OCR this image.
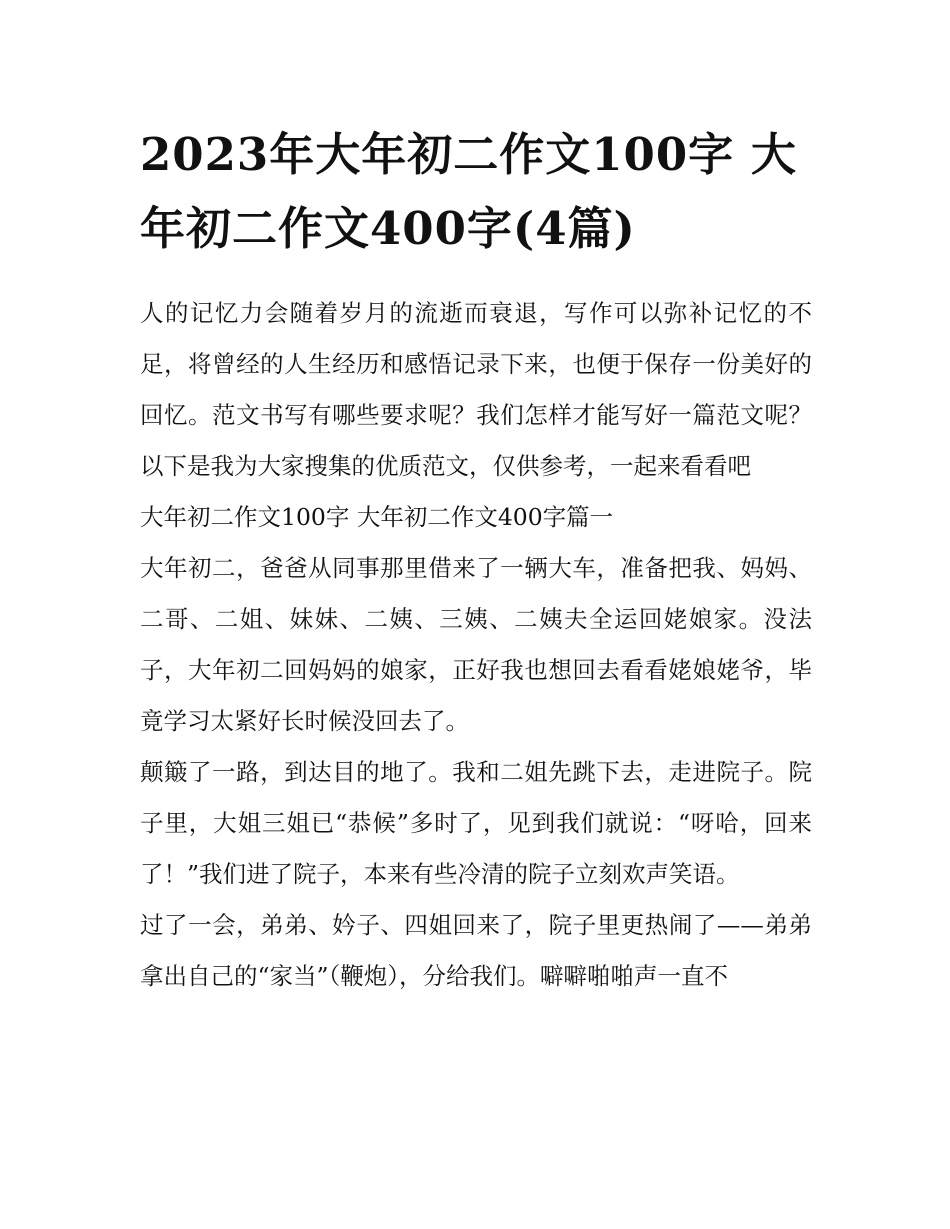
2023年大年初二作文100字 大年初二作文400字(4篇)

人的记忆力会随着岁月的流逝而衰退，写作可以弥补记忆的不足，将曾经的人生经历和感悟记录下来，也便于保存一份美好的回忆。范文书写有哪些要求呢？我们怎样才能写好一篇范文呢？以下是我为大家搜集的优质范文，仅供参考，一起来看看吧

大年初二作文100字 大年初二作文400字篇一

大年初二，爸爸从同事那里借来了一辆大车，准备把我、妈妈、二哥、二姐、妹妹、二姨、三姨、二姨夫全运回姥娘家。没法子，大年初二回妈妈的娘家，正好我也想回去看看姥娘姥爷，毕竟学习太紧好长时候没回去了。

颠簸了一路，到达目的地了。我和二姐先跳下去，走进院子。院子里，大姐三姐已“恭候”多时了，见到我们就说：“呀哈，回来了！”我们进了院子，本来有些冷清的院子立刻欢声笑语。

过了一会，弟弟、妗子、四姐回来了，院子里更热闹了——弟弟拿出自己的“家当”（鞭炮），分给我们。噼噼啪啪声一直不
